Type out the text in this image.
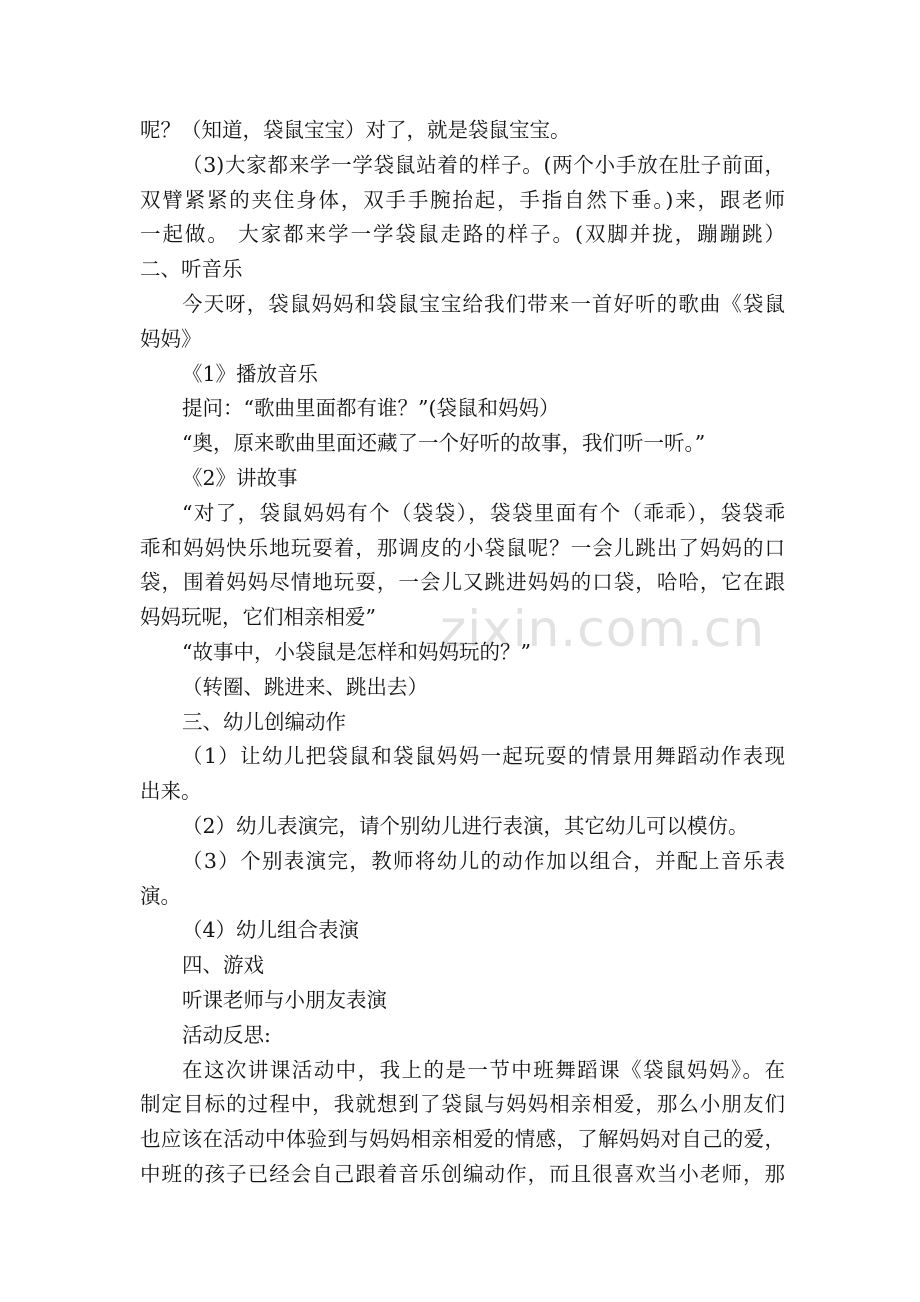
zixin.com.cn
呢？（知道，袋鼠宝宝）对了，就是袋鼠宝宝。
（3)大家都来学一学袋鼠站着的样子。(两个小手放在肚子前面，
双臂紧紧的夹住身体，双手手腕抬起，手指自然下垂。)来，跟老师
一起做。 大家都来学一学袋鼠走路的样子。(双脚并拢，蹦蹦跳）
二、听音乐
今天呀，袋鼠妈妈和袋鼠宝宝给我们带来一首好听的歌曲《袋鼠
妈妈》
《1》播放音乐
提问：“歌曲里面都有谁？”(袋鼠和妈妈）
“奥，原来歌曲里面还藏了一个好听的故事，我们听一听。”
《2》讲故事
“对了，袋鼠妈妈有个（袋袋），袋袋里面有个（乖乖），袋袋乖
乖和妈妈快乐地玩耍着，那调皮的小袋鼠呢？一会儿跳出了妈妈的口
袋，围着妈妈尽情地玩耍，一会儿又跳进妈妈的口袋，哈哈，它在跟
妈妈玩呢，它们相亲相爱”
“故事中，小袋鼠是怎样和妈妈玩的？”
（转圈、跳进来、跳出去）
三、幼儿创编动作
（1）让幼儿把袋鼠和袋鼠妈妈一起玩耍的情景用舞蹈动作表现
出来。
（2）幼儿表演完，请个别幼儿进行表演，其它幼儿可以模仿。
（3）个别表演完，教师将幼儿的动作加以组合，并配上音乐表
演。
（4）幼儿组合表演
四、游戏
听课老师与小朋友表演
活动反思:
在这次讲课活动中，我上的是一节中班舞蹈课《袋鼠妈妈》。在
制定目标的过程中，我就想到了袋鼠与妈妈相亲相爱，那么小朋友们
也应该在活动中体验到与妈妈相亲相爱的情感，了解妈妈对自己的爱，
中班的孩子已经会自己跟着音乐创编动作，而且很喜欢当小老师，那
